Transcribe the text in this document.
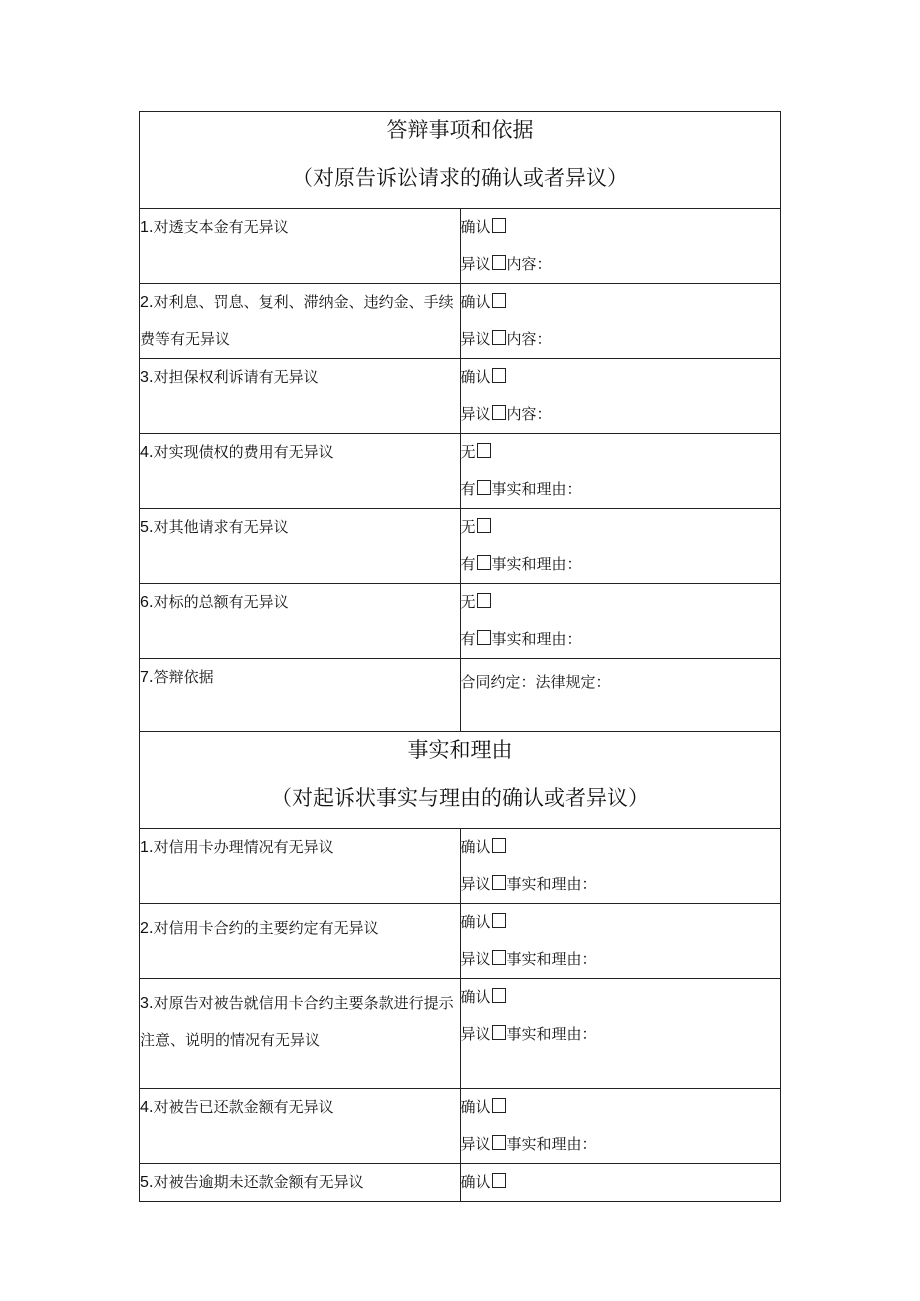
答辩事项和依据
（对原告诉讼请求的确认或者异议）	

1.对透支本金有无异议	确认
异议 内容：

2.对利息、罚息、复利、滞纳金、违约金、手续费等有无异议	确认
异议 内容：

3.对担保权利诉请有无异议	确认
异议 内容：

4.对实现债权的费用有无异议	无
有 事实和理由：

5.对其他请求有无异议	无
有 事实和理由：

6.对标的总额有无异议	无
有 事实和理由：

7.答辩依据	合同约定：法律规定：

事实和理由
（对起诉状事实与理由的确认或者异议）	

1.对信用卡办理情况有无异议	确认
异议 事实和理由：

2.对信用卡合约的主要约定有无异议	确认
异议 事实和理由：

3.对原告对被告就信用卡合约主要条款进行提示注意、说明的情况有无异议	确认
异议 事实和理由：

4.对被告已还款金额有无异议	确认
异议 事实和理由：

5.对被告逾期未还款金额有无异议	确认
